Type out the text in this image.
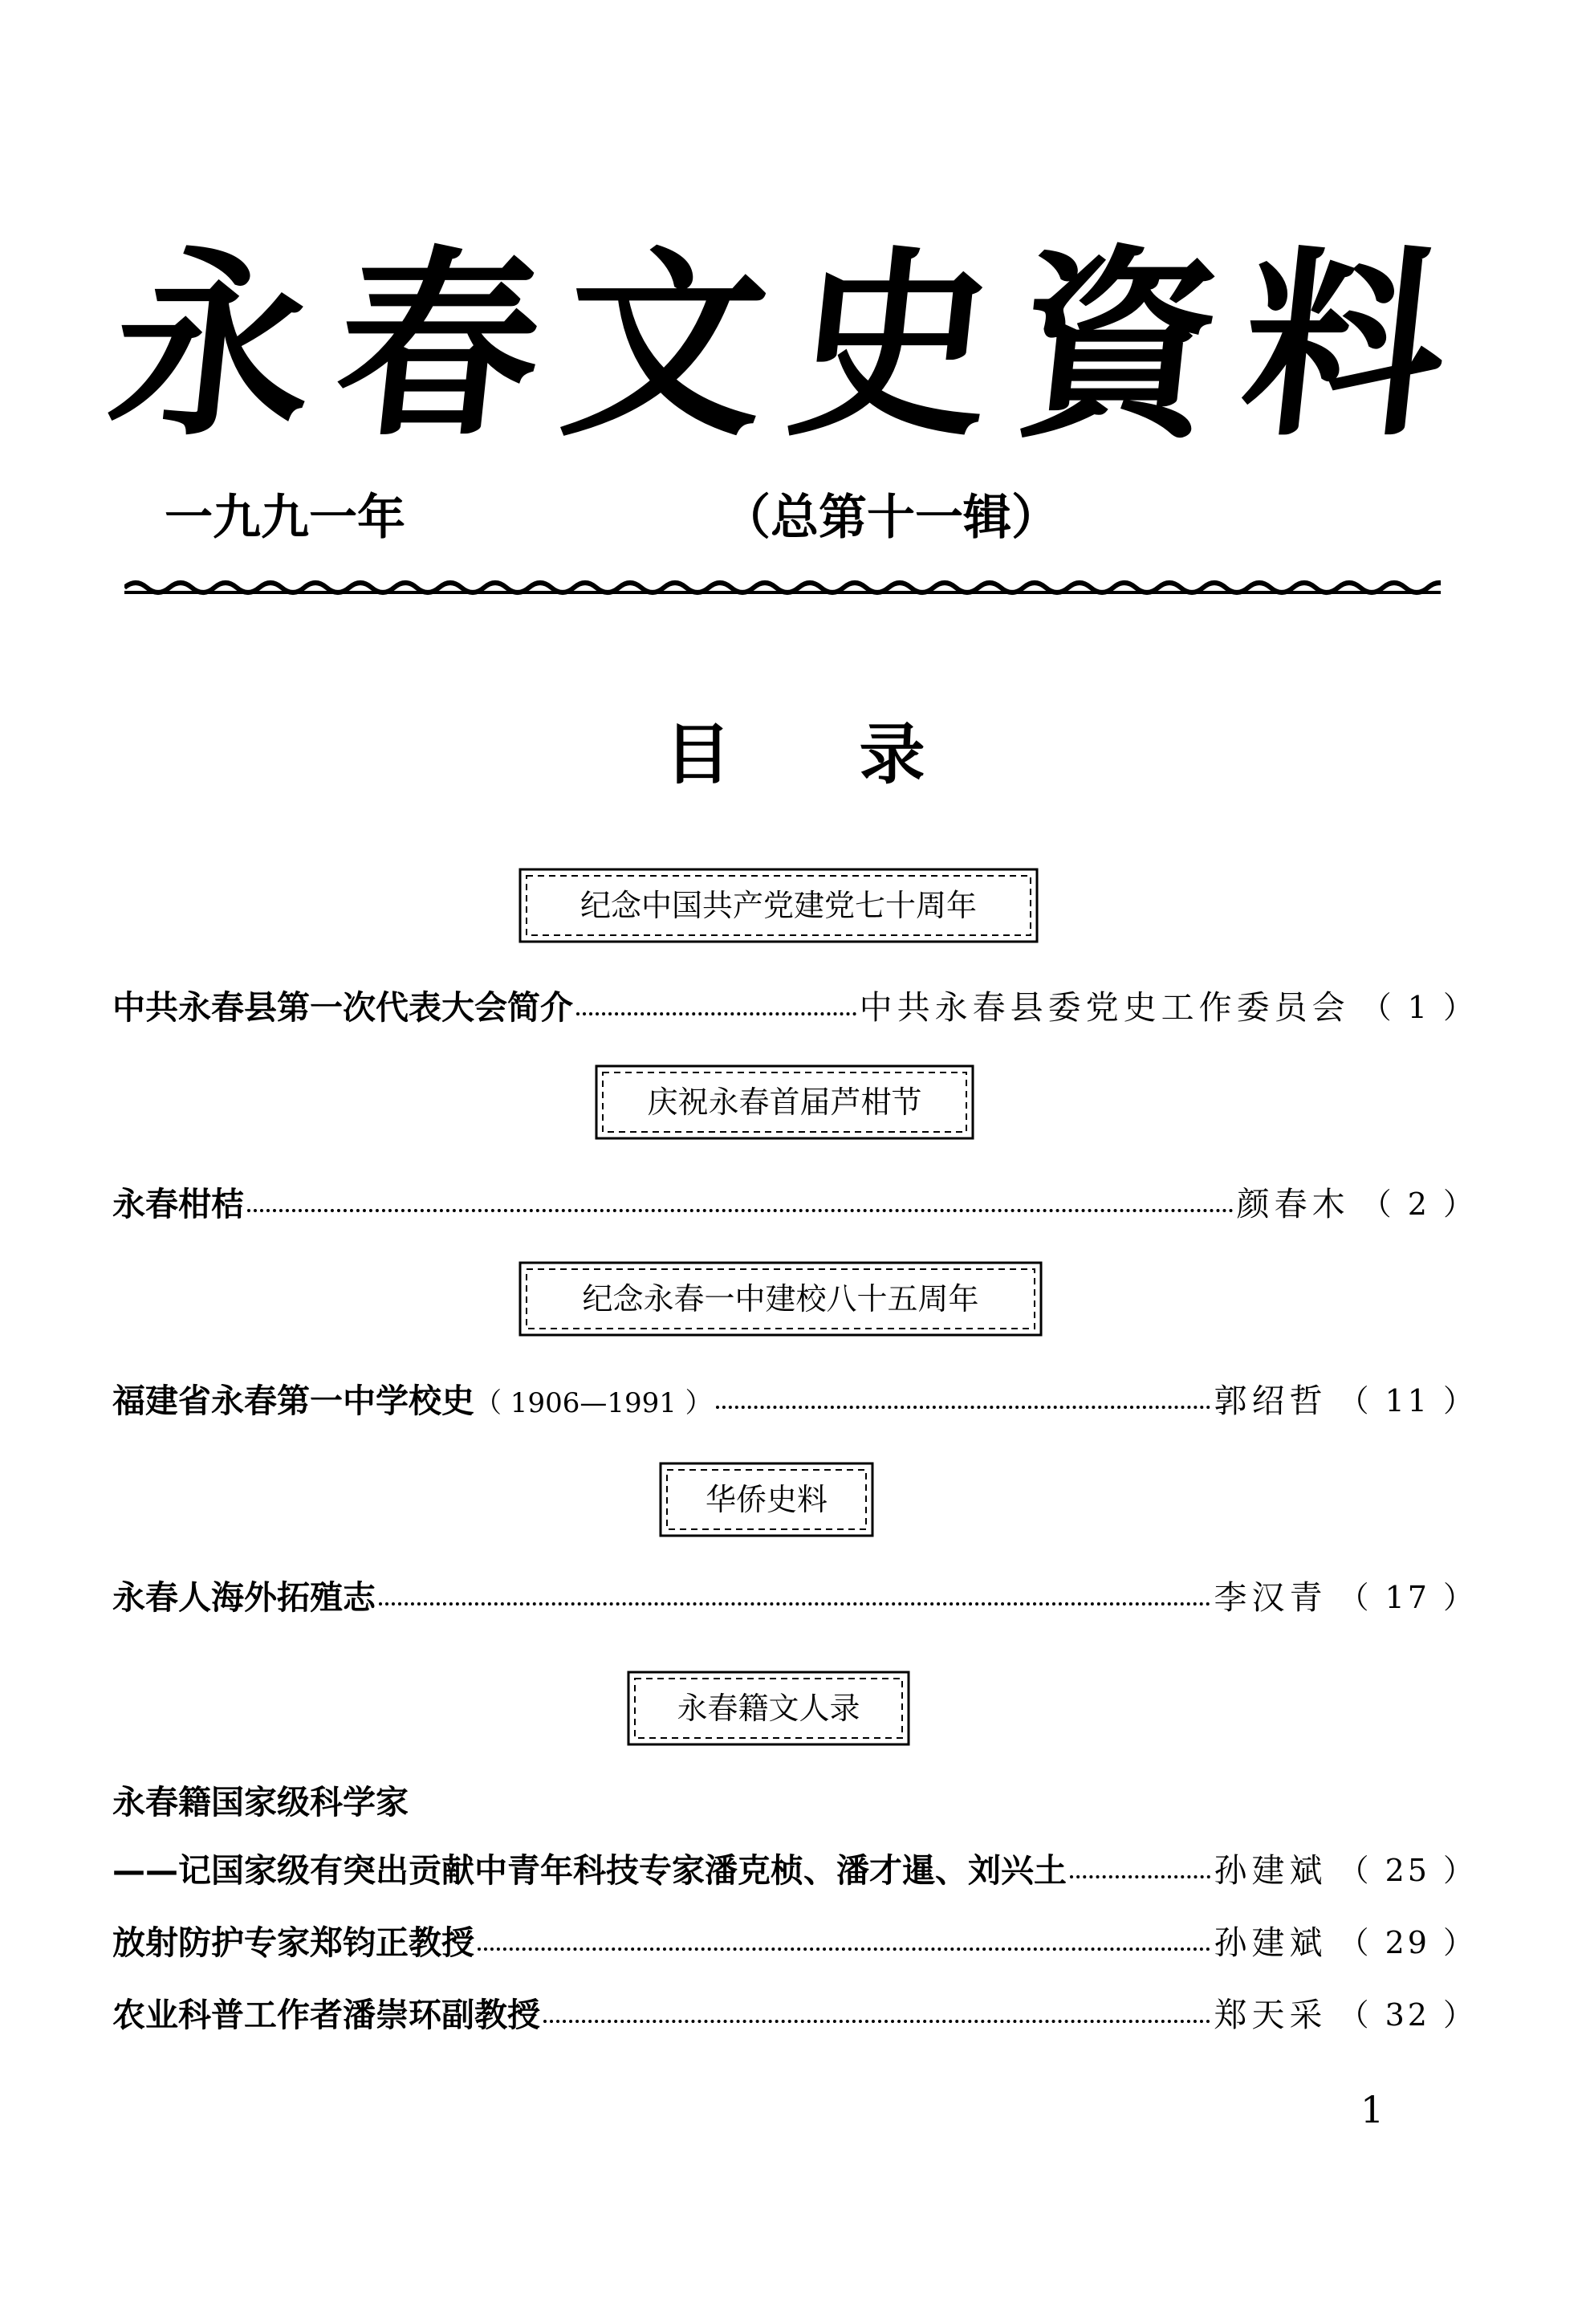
永 春 文 史 資 料
一九九一年	（总第十一辑）
目录
纪念中国共产党建党七十周年
中共永春县第一次代表大会简介	中共永春县委党史工作委员会 （ 1 ）
庆祝永春首届芦柑节
永春柑桔	颜春木 （ 2 ）
纪念永春一中建校八十五周年
福建省永春第一中学校史（ 1906—1991 ）	郭绍哲 （ 11 ）
华侨史料
永春人海外拓殖志	李汉青 （ 17 ）
永春籍文人录
永春籍国家级科学家
——记国家级有突出贡献中青年科技专家潘克桢、潘才暹、刘兴土	孙建斌 （ 25 ）
放射防护专家郑钧正教授	孙建斌 （ 29 ）
农业科普工作者潘崇环副教授	郑天采 （ 32 ）
1
